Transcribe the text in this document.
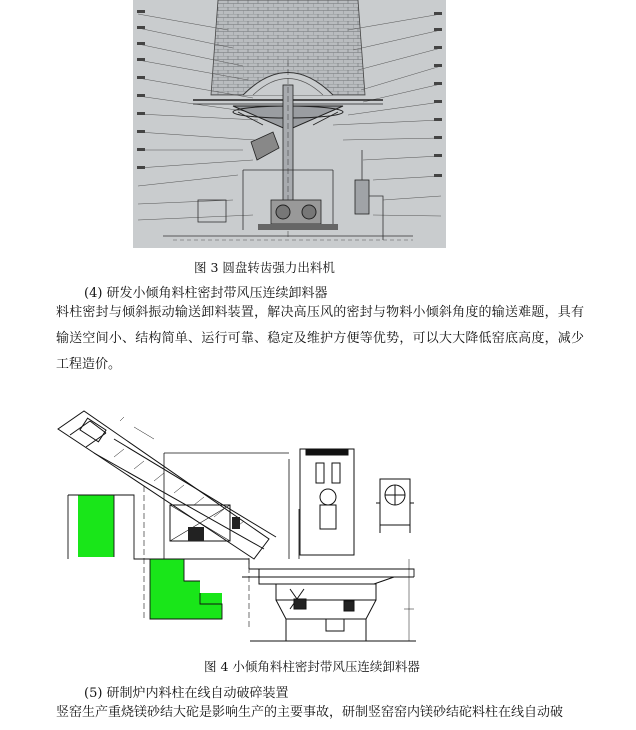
图 3 圆盘转齿强力出料机
(4) 研发小倾角料柱密封带风压连续卸料器
料柱密封与倾斜振动输送卸料装置，解决高压风的密封与物料小倾斜角度的输送难题，具有输送空间小、结构简单、运行可靠、稳定及维护方便等优势，可以大大降低窑底高度，减少工程造价。
图 4 小倾角料柱密封带风压连续卸料器
(5) 研制炉内料柱在线自动破碎装置
竖窑生产重烧镁砂结大砣是影响生产的主要事故，研制竖窑窑内镁砂结砣料柱在线自动破
